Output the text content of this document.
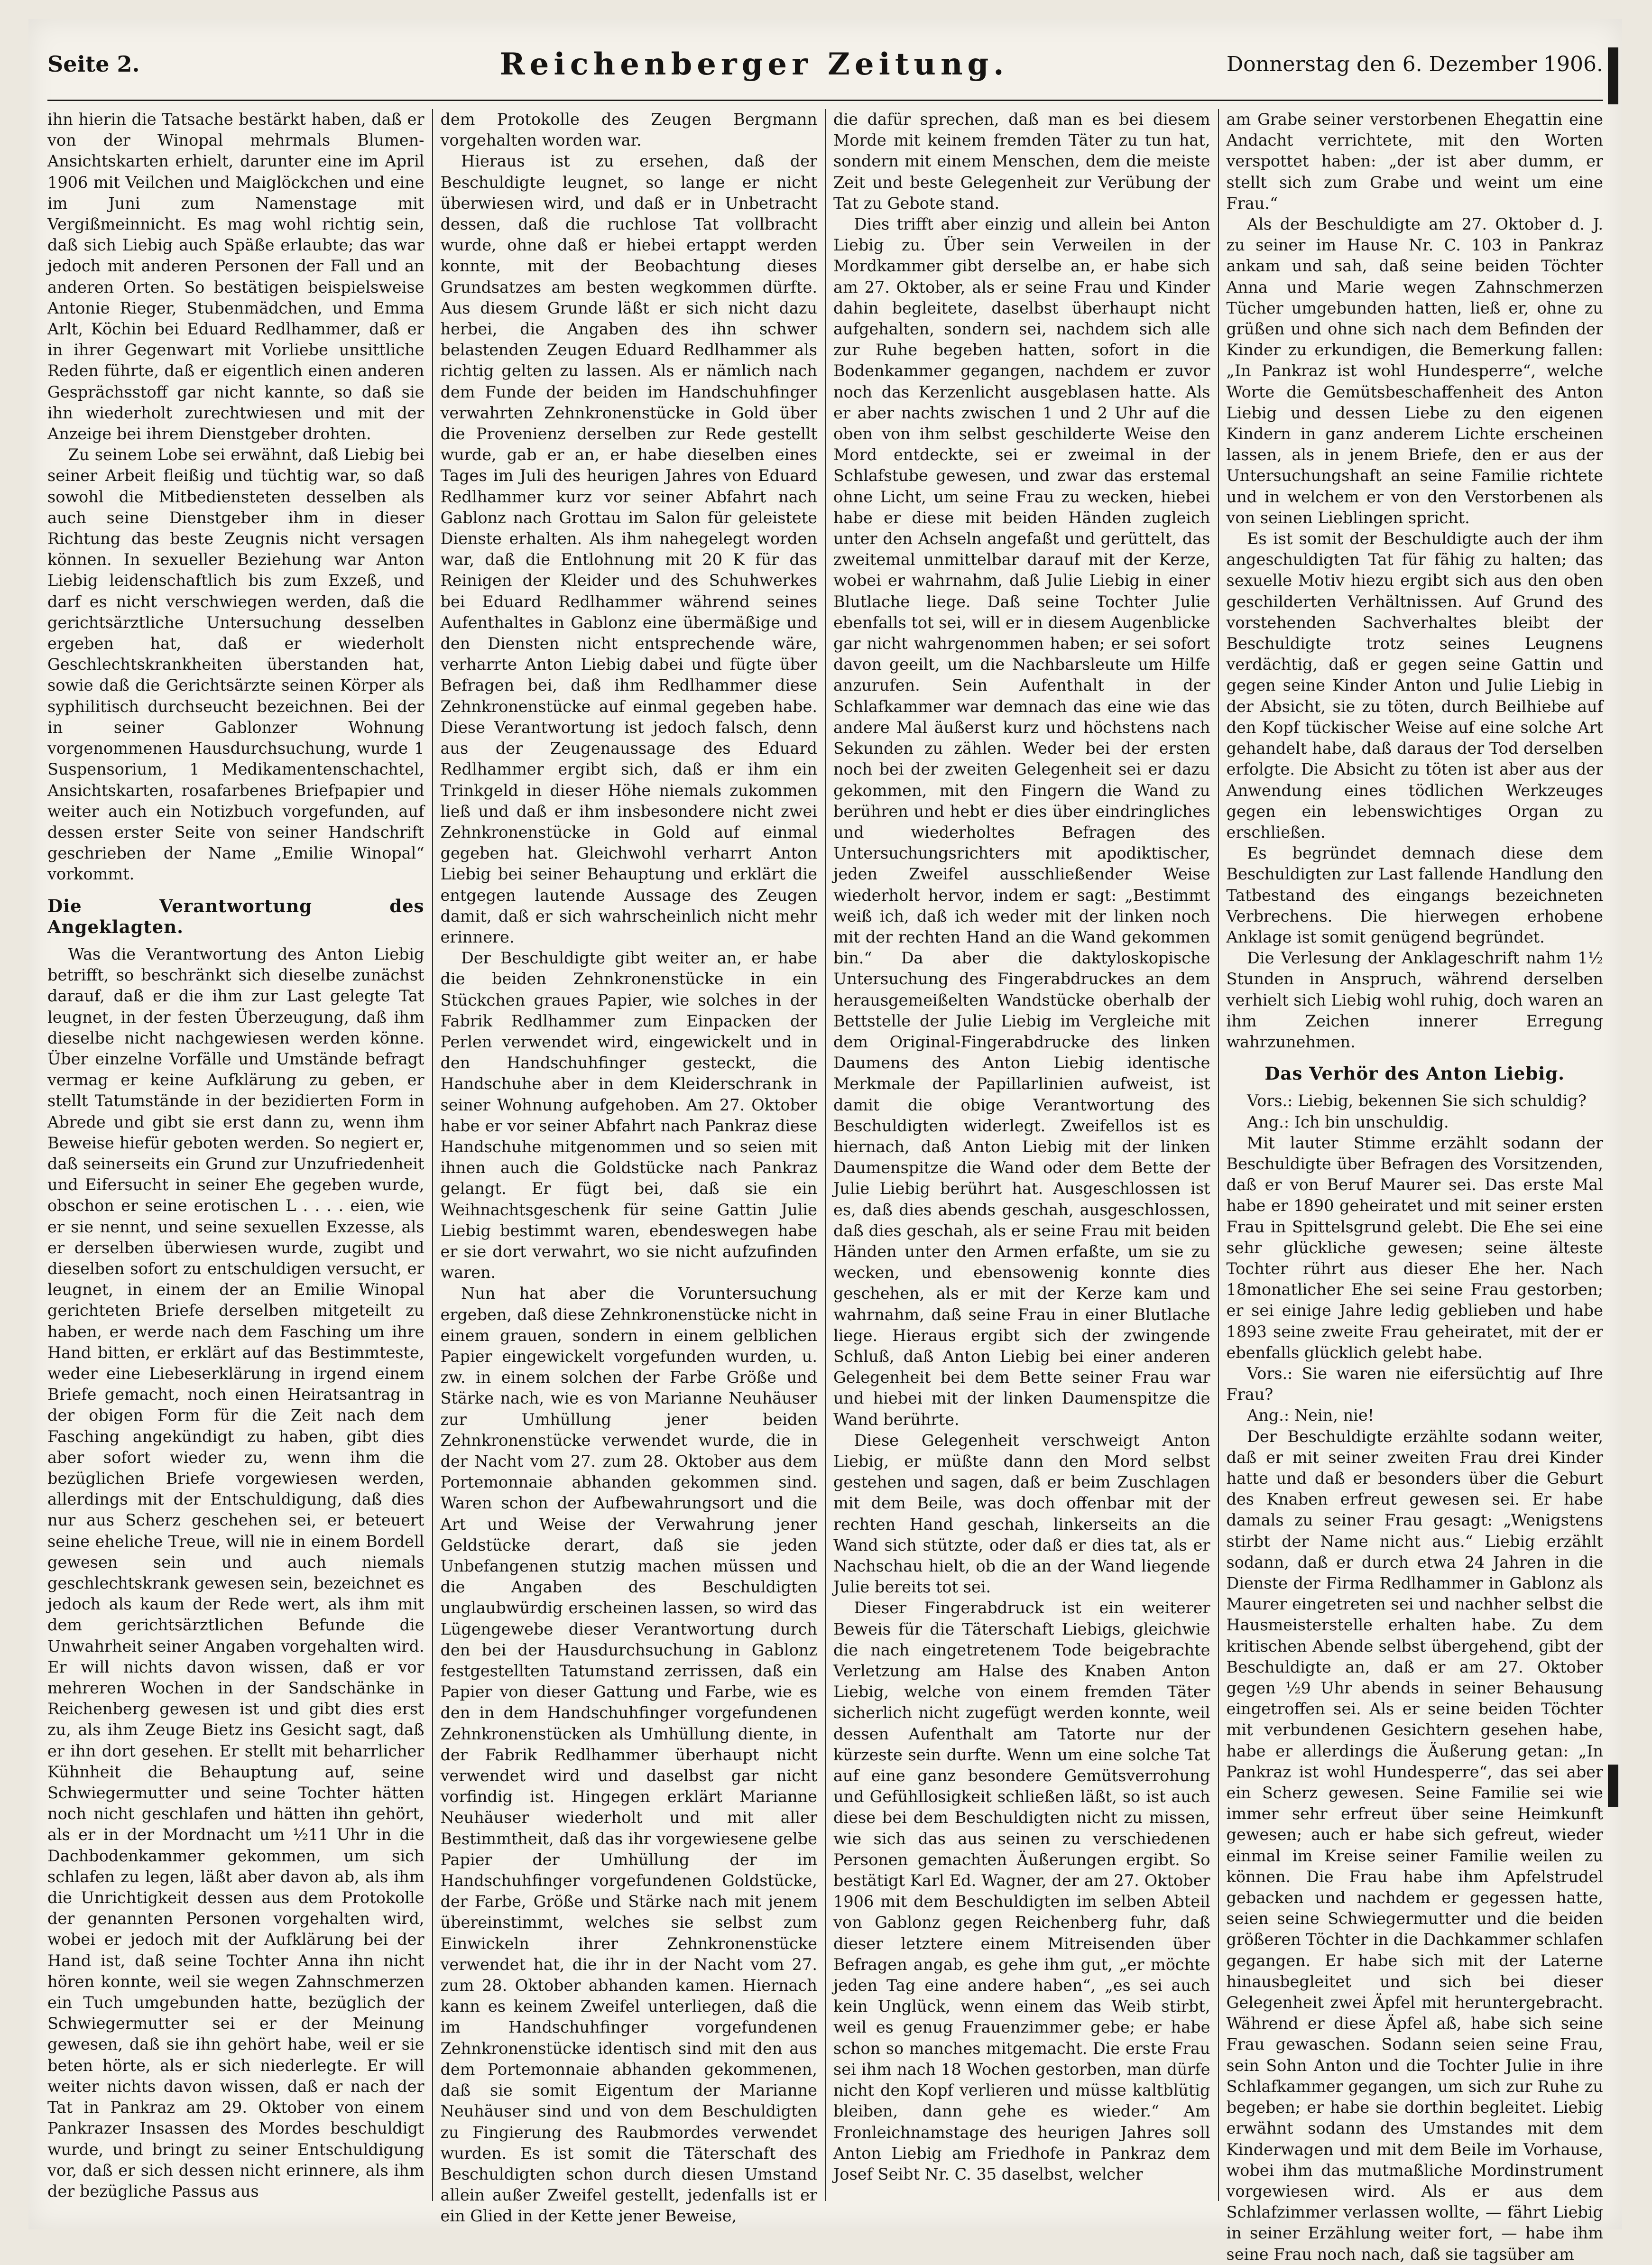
Seite 2.	Reichenberger Zeitung.	Donnerstag den 6. Dezember 1906.

ihn hierin die Tatsache bestärkt haben, daß er von der Winopal mehrmals Blumen-Ansichtskarten erhielt, darunter eine im April 1906 mit Veilchen und Maiglöckchen und eine im Juni zum Namenstage mit Vergißmeinnicht. Es mag wohl richtig sein, daß sich Liebig auch Späße erlaubte; das war jedoch mit anderen Personen der Fall und an anderen Orten. So bestätigen beispielsweise Antonie Rieger, Stubenmädchen, und Emma Arlt, Köchin bei Eduard Redlhammer, daß er in ihrer Gegenwart mit Vorliebe unsittliche Reden führte, daß er eigentlich einen anderen Gesprächsstoff gar nicht kannte, so daß sie ihn wiederholt zurechtwiesen und mit der Anzeige bei ihrem Dienstgeber drohten.

Zu seinem Lobe sei erwähnt, daß Liebig bei seiner Arbeit fleißig und tüchtig war, so daß sowohl die Mitbediensteten desselben als auch seine Dienstgeber ihm in dieser Richtung das beste Zeugnis nicht versagen können. In sexueller Beziehung war Anton Liebig leidenschaftlich bis zum Exzeß, und darf es nicht verschwiegen werden, daß die gerichtsärztliche Untersuchung desselben ergeben hat, daß er wiederholt Geschlechtskrankheiten überstanden hat, sowie daß die Gerichtsärzte seinen Körper als syphilitisch durchseucht bezeichnen. Bei der in seiner Gablonzer Wohnung vorgenommenen Hausdurchsuchung, wurde 1 Suspensorium, 1 Medikamentenschachtel, Ansichtskarten, rosafarbenes Briefpapier und weiter auch ein Notizbuch vorgefunden, auf dessen erster Seite von seiner Handschrift geschrieben der Name „Emilie Winopal“ vorkommt.

Die Verantwortung des Angeklagten.

Was die Verantwortung des Anton Liebig betrifft, so beschränkt sich dieselbe zunächst darauf, daß er die ihm zur Last gelegte Tat leugnet, in der festen Überzeugung, daß ihm dieselbe nicht nachgewiesen werden könne. Über einzelne Vorfälle und Umstände befragt vermag er keine Aufklärung zu geben, er stellt Tatumstände in der bezidierten Form in Abrede und gibt sie erst dann zu, wenn ihm Beweise hiefür geboten werden. So negiert er, daß seinerseits ein Grund zur Unzufriedenheit und Eifersucht in seiner Ehe gegeben wurde, obschon er seine erotischen L . . . . eien, wie er sie nennt, und seine sexuellen Exzesse, als er derselben überwiesen wurde, zugibt und dieselben sofort zu entschuldigen versucht, er leugnet, in einem der an Emilie Winopal gerichteten Briefe derselben mitgeteilt zu haben, er werde nach dem Fasching um ihre Hand bitten, er erklärt auf das Bestimmteste, weder eine Liebeserklärung in irgend einem Briefe gemacht, noch einen Heiratsantrag in der obigen Form für die Zeit nach dem Fasching angekündigt zu haben, gibt dies aber sofort wieder zu, wenn ihm die bezüglichen Briefe vorgewiesen werden, allerdings mit der Entschuldigung, daß dies nur aus Scherz geschehen sei, er beteuert seine eheliche Treue, will nie in einem Bordell gewesen sein und auch niemals geschlechtskrank gewesen sein, bezeichnet es jedoch als kaum der Rede wert, als ihm mit dem gerichtsärztlichen Befunde die Unwahrheit seiner Angaben vorgehalten wird. Er will nichts davon wissen, daß er vor mehreren Wochen in der Sandschänke in Reichenberg gewesen ist und gibt dies erst zu, als ihm Zeuge Bietz ins Gesicht sagt, daß er ihn dort gesehen. Er stellt mit beharrlicher Kühnheit die Behauptung auf, seine Schwiegermutter und seine Tochter hätten noch nicht geschlafen und hätten ihn gehört, als er in der Mordnacht um ½11 Uhr in die Dachbodenkammer gekommen, um sich schlafen zu legen, läßt aber davon ab, als ihm die Unrichtigkeit dessen aus dem Protokolle der genannten Personen vorgehalten wird, wobei er jedoch mit der Aufklärung bei der Hand ist, daß seine Tochter Anna ihn nicht hören konnte, weil sie wegen Zahnschmerzen ein Tuch umgebunden hatte, bezüglich der Schwiegermutter sei er der Meinung gewesen, daß sie ihn gehört habe, weil er sie beten hörte, als er sich niederlegte. Er will weiter nichts davon wissen, daß er nach der Tat in Pankraz am 29. Oktober von einem Pankrazer Insassen des Mordes beschuldigt wurde, und bringt zu seiner Entschuldigung vor, daß er sich dessen nicht erinnere, als ihm der bezügliche Passus aus

dem Protokolle des Zeugen Bergmann vorgehalten worden war.

Hieraus ist zu ersehen, daß der Beschuldigte leugnet, so lange er nicht überwiesen wird, und daß er in Unbetracht dessen, daß die ruchlose Tat vollbracht wurde, ohne daß er hiebei ertappt werden konnte, mit der Beobachtung dieses Grundsatzes am besten wegkommen dürfte. Aus diesem Grunde läßt er sich nicht dazu herbei, die Angaben des ihn schwer belastenden Zeugen Eduard Redlhammer als richtig gelten zu lassen. Als er nämlich nach dem Funde der beiden im Handschuhfinger verwahrten Zehnkronenstücke in Gold über die Provenienz derselben zur Rede gestellt wurde, gab er an, er habe dieselben eines Tages im Juli des heurigen Jahres von Eduard Redlhammer kurz vor seiner Abfahrt nach Gablonz nach Grottau im Salon für geleistete Dienste erhalten. Als ihm nahegelegt worden war, daß die Entlohnung mit 20 K für das Reinigen der Kleider und des Schuhwerkes bei Eduard Redlhammer während seines Aufenthaltes in Gablonz eine übermäßige und den Diensten nicht entsprechende wäre, verharrte Anton Liebig dabei und fügte über Befragen bei, daß ihm Redlhammer diese Zehnkronenstücke auf einmal gegeben habe. Diese Verantwortung ist jedoch falsch, denn aus der Zeugenaussage des Eduard Redlhammer ergibt sich, daß er ihm ein Trinkgeld in dieser Höhe niemals zukommen ließ und daß er ihm insbesondere nicht zwei Zehnkronenstücke in Gold auf einmal gegeben hat. Gleichwohl verharrt Anton Liebig bei seiner Behauptung und erklärt die entgegen lautende Aussage des Zeugen damit, daß er sich wahrscheinlich nicht mehr erinnere.

Der Beschuldigte gibt weiter an, er habe die beiden Zehnkronenstücke in ein Stückchen graues Papier, wie solches in der Fabrik Redlhammer zum Einpacken der Perlen verwendet wird, eingewickelt und in den Handschuhfinger gesteckt, die Handschuhe aber in dem Kleiderschrank in seiner Wohnung aufgehoben. Am 27. Oktober habe er vor seiner Abfahrt nach Pankraz diese Handschuhe mitgenommen und so seien mit ihnen auch die Goldstücke nach Pankraz gelangt. Er fügt bei, daß sie ein Weihnachtsgeschenk für seine Gattin Julie Liebig bestimmt waren, ebendeswegen habe er sie dort verwahrt, wo sie nicht aufzufinden waren.

Nun hat aber die Voruntersuchung ergeben, daß diese Zehnkronenstücke nicht in einem grauen, sondern in einem gelblichen Papier eingewickelt vorgefunden wurden, u. zw. in einem solchen der Farbe Größe und Stärke nach, wie es von Marianne Neuhäuser zur Umhüllung jener beiden Zehnkronenstücke verwendet wurde, die in der Nacht vom 27. zum 28. Oktober aus dem Portemonnaie abhanden gekommen sind. Waren schon der Aufbewahrungsort und die Art und Weise der Verwahrung jener Geldstücke derart, daß sie jeden Unbefangenen stutzig machen müssen und die Angaben des Beschuldigten unglaubwürdig erscheinen lassen, so wird das Lügengewebe dieser Verantwortung durch den bei der Hausdurchsuchung in Gablonz festgestellten Tatumstand zerrissen, daß ein Papier von dieser Gattung und Farbe, wie es den in dem Handschuhfinger vorgefundenen Zehnkronenstücken als Umhüllung diente, in der Fabrik Redlhammer überhaupt nicht verwendet wird und daselbst gar nicht vorfindig ist. Hingegen erklärt Marianne Neuhäuser wiederholt und mit aller Bestimmtheit, daß das ihr vorgewiesene gelbe Papier der Umhüllung der im Handschuhfinger vorgefundenen Goldstücke, der Farbe, Größe und Stärke nach mit jenem übereinstimmt, welches sie selbst zum Einwickeln ihrer Zehnkronenstücke verwendet hat, die ihr in der Nacht vom 27. zum 28. Oktober abhanden kamen. Hiernach kann es keinem Zweifel unterliegen, daß die im Handschuhfinger vorgefundenen Zehnkronenstücke identisch sind mit den aus dem Portemonnaie abhanden gekommenen, daß sie somit Eigentum der Marianne Neuhäuser sind und von dem Beschuldigten zu Fingierung des Raubmordes verwendet wurden. Es ist somit die Täterschaft des Beschuldigten schon durch diesen Umstand allein außer Zweifel gestellt, jedenfalls ist er ein Glied in der Kette jener Beweise,

die dafür sprechen, daß man es bei diesem Morde mit keinem fremden Täter zu tun hat, sondern mit einem Menschen, dem die meiste Zeit und beste Gelegenheit zur Verübung der Tat zu Gebote stand.

Dies trifft aber einzig und allein bei Anton Liebig zu. Über sein Verweilen in der Mordkammer gibt derselbe an, er habe sich am 27. Oktober, als er seine Frau und Kinder dahin begleitete, daselbst überhaupt nicht aufgehalten, sondern sei, nachdem sich alle zur Ruhe begeben hatten, sofort in die Bodenkammer gegangen, nachdem er zuvor noch das Kerzenlicht ausgeblasen hatte. Als er aber nachts zwischen 1 und 2 Uhr auf die oben von ihm selbst geschilderte Weise den Mord entdeckte, sei er zweimal in der Schlafstube gewesen, und zwar das erstemal ohne Licht, um seine Frau zu wecken, hiebei habe er diese mit beiden Händen zugleich unter den Achseln angefaßt und gerüttelt, das zweitemal unmittelbar darauf mit der Kerze, wobei er wahrnahm, daß Julie Liebig in einer Blutlache liege. Daß seine Tochter Julie ebenfalls tot sei, will er in diesem Augenblicke gar nicht wahrgenommen haben; er sei sofort davon geeilt, um die Nachbarsleute um Hilfe anzurufen. Sein Aufenthalt in der Schlafkammer war demnach das eine wie das andere Mal äußerst kurz und höchstens nach Sekunden zu zählen. Weder bei der ersten noch bei der zweiten Gelegenheit sei er dazu gekommen, mit den Fingern die Wand zu berühren und hebt er dies über eindringliches und wiederholtes Befragen des Untersuchungsrichters mit apodiktischer, jeden Zweifel ausschließender Weise wiederholt hervor, indem er sagt: „Bestimmt weiß ich, daß ich weder mit der linken noch mit der rechten Hand an die Wand gekommen bin.“ Da aber die daktyloskopische Untersuchung des Fingerabdruckes an dem herausgemeißelten Wandstücke oberhalb der Bettstelle der Julie Liebig im Vergleiche mit dem Original-Fingerabdrucke des linken Daumens des Anton Liebig identische Merkmale der Papillarlinien aufweist, ist damit die obige Verantwortung des Beschuldigten widerlegt. Zweifellos ist es hiernach, daß Anton Liebig mit der linken Daumenspitze die Wand oder dem Bette der Julie Liebig berührt hat. Ausgeschlossen ist es, daß dies abends geschah, ausgeschlossen, daß dies geschah, als er seine Frau mit beiden Händen unter den Armen erfaßte, um sie zu wecken, und ebensowenig konnte dies geschehen, als er mit der Kerze kam und wahrnahm, daß seine Frau in einer Blutlache liege. Hieraus ergibt sich der zwingende Schluß, daß Anton Liebig bei einer anderen Gelegenheit bei dem Bette seiner Frau war und hiebei mit der linken Daumenspitze die Wand berührte.

Diese Gelegenheit verschweigt Anton Liebig, er müßte dann den Mord selbst gestehen und sagen, daß er beim Zuschlagen mit dem Beile, was doch offenbar mit der rechten Hand geschah, linkerseits an die Wand sich stützte, oder daß er dies tat, als er Nachschau hielt, ob die an der Wand liegende Julie bereits tot sei.

Dieser Fingerabdruck ist ein weiterer Beweis für die Täterschaft Liebigs, gleichwie die nach eingetretenem Tode beigebrachte Verletzung am Halse des Knaben Anton Liebig, welche von einem fremden Täter sicherlich nicht zugefügt werden konnte, weil dessen Aufenthalt am Tatorte nur der kürzeste sein durfte. Wenn um eine solche Tat auf eine ganz besondere Gemütsverrohung und Gefühllosigkeit schließen läßt, so ist auch diese bei dem Beschuldigten nicht zu missen, wie sich das aus seinen zu verschiedenen Personen gemachten Äußerungen ergibt. So bestätigt Karl Ed. Wagner, der am 27. Oktober 1906 mit dem Beschuldigten im selben Abteil von Gablonz gegen Reichenberg fuhr, daß dieser letztere einem Mitreisenden über Befragen angab, es gehe ihm gut, „er möchte jeden Tag eine andere haben“, „es sei auch kein Unglück, wenn einem das Weib stirbt, weil es genug Frauenzimmer gebe; er habe schon so manches mitgemacht. Die erste Frau sei ihm nach 18 Wochen gestorben, man dürfe nicht den Kopf verlieren und müsse kaltblütig bleiben, dann gehe es wieder.“ Am Fronleichnamstage des heurigen Jahres soll Anton Liebig am Friedhofe in Pankraz dem Josef Seibt Nr. C. 35 daselbst, welcher

am Grabe seiner verstorbenen Ehegattin eine Andacht verrichtete, mit den Worten verspottet haben: „der ist aber dumm, er stellt sich zum Grabe und weint um eine Frau.“

Als der Beschuldigte am 27. Oktober d. J. zu seiner im Hause Nr. C. 103 in Pankraz ankam und sah, daß seine beiden Töchter Anna und Marie wegen Zahnschmerzen Tücher umgebunden hatten, ließ er, ohne zu grüßen und ohne sich nach dem Befinden der Kinder zu erkundigen, die Bemerkung fallen: „In Pankraz ist wohl Hundesperre“, welche Worte die Gemütsbeschaffenheit des Anton Liebig und dessen Liebe zu den eigenen Kindern in ganz anderem Lichte erscheinen lassen, als in jenem Briefe, den er aus der Untersuchungshaft an seine Familie richtete und in welchem er von den Verstorbenen als von seinen Lieblingen spricht.

Es ist somit der Beschuldigte auch der ihm angeschuldigten Tat für fähig zu halten; das sexuelle Motiv hiezu ergibt sich aus den oben geschilderten Verhältnissen. Auf Grund des vorstehenden Sachverhaltes bleibt der Beschuldigte trotz seines Leugnens verdächtig, daß er gegen seine Gattin und gegen seine Kinder Anton und Julie Liebig in der Absicht, sie zu töten, durch Beilhiebe auf den Kopf tückischer Weise auf eine solche Art gehandelt habe, daß daraus der Tod derselben erfolgte. Die Absicht zu töten ist aber aus der Anwendung eines tödlichen Werkzeuges gegen ein lebenswichtiges Organ zu erschließen.

Es begründet demnach diese dem Beschuldigten zur Last fallende Handlung den Tatbestand des eingangs bezeichneten Verbrechens. Die hierwegen erhobene Anklage ist somit genügend begründet.

Die Verlesung der Anklageschrift nahm 1½ Stunden in Anspruch, während derselben verhielt sich Liebig wohl ruhig, doch waren an ihm Zeichen innerer Erregung wahrzunehmen.

Das Verhör des Anton Liebig.

Vors.: Liebig, bekennen Sie sich schuldig?

Ang.: Ich bin unschuldig.

Mit lauter Stimme erzählt sodann der Beschuldigte über Befragen des Vorsitzenden, daß er von Beruf Maurer sei. Das erste Mal habe er 1890 geheiratet und mit seiner ersten Frau in Spittelsgrund gelebt. Die Ehe sei eine sehr glückliche gewesen; seine älteste Tochter rührt aus dieser Ehe her. Nach 18monatlicher Ehe sei seine Frau gestorben; er sei einige Jahre ledig geblieben und habe 1893 seine zweite Frau geheiratet, mit der er ebenfalls glücklich gelebt habe.

Vors.: Sie waren nie eifersüchtig auf Ihre Frau?

Ang.: Nein, nie!

Der Beschuldigte erzählte sodann weiter, daß er mit seiner zweiten Frau drei Kinder hatte und daß er besonders über die Geburt des Knaben erfreut gewesen sei. Er habe damals zu seiner Frau gesagt: „Wenigstens stirbt der Name nicht aus.“ Liebig erzählt sodann, daß er durch etwa 24 Jahren in die Dienste der Firma Redlhammer in Gablonz als Maurer eingetreten sei und nachher selbst die Hausmeisterstelle erhalten habe. Zu dem kritischen Abende selbst übergehend, gibt der Beschuldigte an, daß er am 27. Oktober gegen ½9 Uhr abends in seiner Behausung eingetroffen sei. Als er seine beiden Töchter mit verbundenen Gesichtern gesehen habe, habe er allerdings die Äußerung getan: „In Pankraz ist wohl Hundesperre“, das sei aber ein Scherz gewesen. Seine Familie sei wie immer sehr erfreut über seine Heimkunft gewesen; auch er habe sich gefreut, wieder einmal im Kreise seiner Familie weilen zu können. Die Frau habe ihm Apfelstrudel gebacken und nachdem er gegessen hatte, seien seine Schwiegermutter und die beiden größeren Töchter in die Dachkammer schlafen gegangen. Er habe sich mit der Laterne hinausbegleitet und sich bei dieser Gelegenheit zwei Äpfel mit heruntergebracht. Während er diese Äpfel aß, habe sich seine Frau gewaschen. Sodann seien seine Frau, sein Sohn Anton und die Tochter Julie in ihre Schlafkammer gegangen, um sich zur Ruhe zu begeben; er habe sie dorthin begleitet. Liebig erwähnt sodann des Umstandes mit dem Kinderwagen und mit dem Beile im Vorhause, wobei ihm das mutmaßliche Mordinstrument vorgewiesen wird. Als er aus dem Schlafzimmer verlassen wollte, — fährt Liebig in seiner Erzählung weiter fort, — habe ihm seine Frau noch nach, daß sie tagsüber am
